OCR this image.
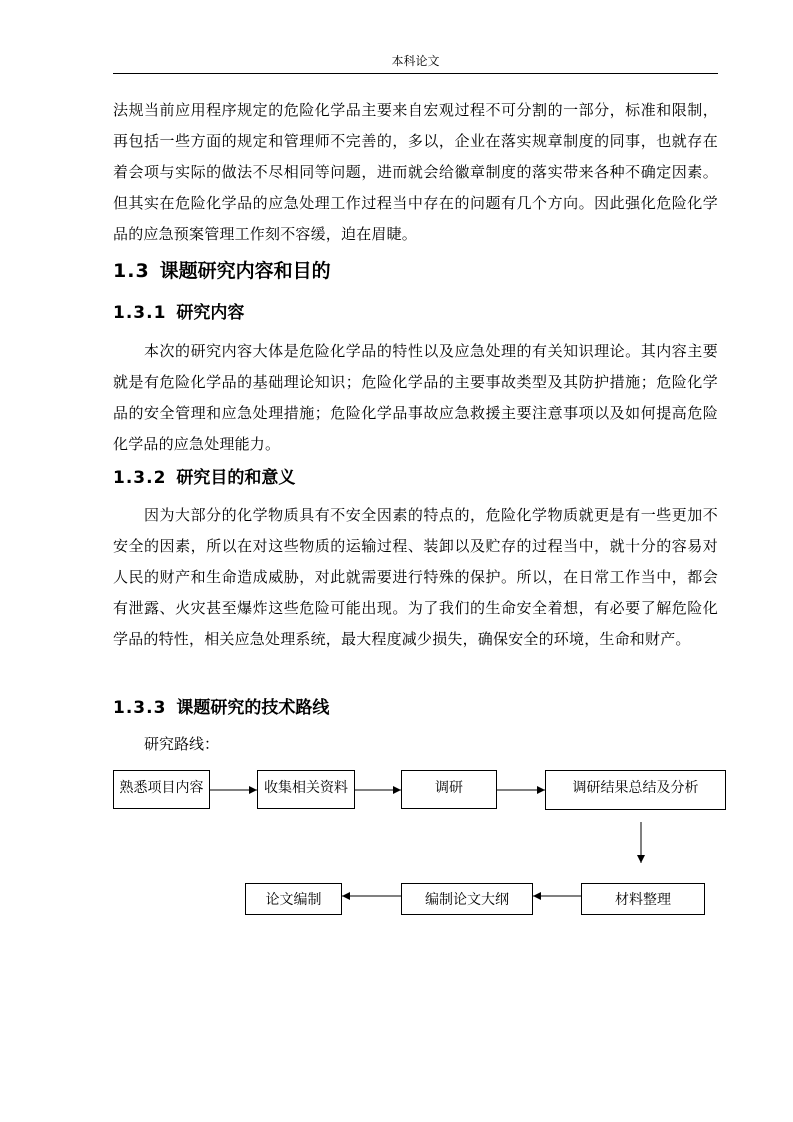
本科论文

法规当前应用程序规定的危险化学品主要来自宏观过程不可分割的一部分，标准和限制，再包括一些方面的规定和管理师不完善的，多以，企业在落实规章制度的同事，也就存在着会项与实际的做法不尽相同等问题，进而就会给徽章制度的落实带来各种不确定因素。但其实在危险化学品的应急处理工作过程当中存在的问题有几个方向。因此强化危险化学品的应急预案管理工作刻不容缓，迫在眉睫。

1.3 课题研究内容和目的
1.3.1 研究内容

本次的研究内容大体是危险化学品的特性以及应急处理的有关知识理论。其内容主要就是有危险化学品的基础理论知识；危险化学品的主要事故类型及其防护措施；危险化学品的安全管理和应急处理措施；危险化学品事故应急救援主要注意事项以及如何提高危险化学品的应急处理能力。

1.3.2 研究目的和意义

因为大部分的化学物质具有不安全因素的特点的，危险化学物质就更是有一些更加不安全的因素，所以在对这些物质的运输过程、装卸以及贮存的过程当中，就十分的容易对人民的财产和生命造成威胁，对此就需要进行特殊的保护。所以，在日常工作当中，都会有泄露、火灾甚至爆炸这些危险可能出现。为了我们的生命安全着想，有必要了解危险化学品的特性，相关应急处理系统，最大程度减少损失，确保安全的环境，生命和财产。

1.3.3 课题研究的技术路线

研究路线：

熟悉项目内容	收集相关资料	调研	调研结果总结及分析
材料整理
编制论文大纲
论文编制
